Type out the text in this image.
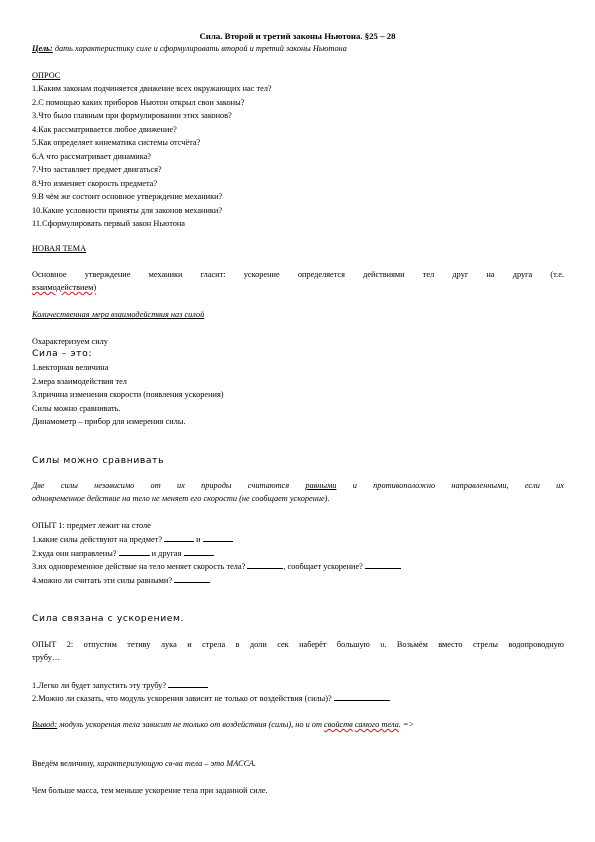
Сила. Второй и третий законы Ньютона. §25 – 28
Цель: дать характеристику силе и сформулировать второй и третий законы Ньютона
ОПРОС
1.Каким законам подчиняется движение всех окружающих нас тел?
2.С помощью каких приборов Ньютон открыл свои законы?
3.Что было главным при формулировании этих законов?
4.Как рассматривается любое движение?
5.Как определяет кинематика системы отсчёта?
6.А что рассматривает динамика?
7.Что заставляет предмет двигаться?
8.Что изменяет скорость предмета?
9.В чём же состоит основное утверждение механики?
10.Какие условности приняты для законов механики?
11.Сформулировать первый закон Ньютона
НОВАЯ ТЕМА
Основное утверждение механики гласит: ускорение определяется действиями тел друг на друга (т.е.
взаимодействием)
Количественная мера взаимодействия наз силой
Охарактеризуем силу
Сила – это:
1.векторная величина
2.мера взаимодействия тел
3.причина изменения скорости (появления ускорения)
Силы можно сравнивать.
Динамометр – прибор для измерения силы.
Силы можно сравнивать
Две силы независимо от их природы считаются равными и противоположно направленными, если их
одновременное действие на тело не меняет его скорости (не сообщает ускорение).
ОПЫТ 1: предмет лежит на столе
1.какие силы действуют на предмет?	и
2.куда они направлены?	и другая
3.их одновременное действие на тело меняет скорость тела?	, сообщает ускорение?
4.можно ли считать эти силы равными?
Сила связана с ускорением.
ОПЫТ 2: отпустим тетиву лука и стрела в доли сек наберёт большую υ. Возьмём вместо стрелы водопроводную
трубу…
1.Легко ли будет запустить эту трубу?
2.Можно ли сказать, что модуль ускорения зависит не только от воздействия (силы)?
Вывод: модуль ускорения тела зависит не только от воздействия (силы), но и от свойств самого тела. =>
Введём величину, характеризующую св-ва тела – это МАССА.
Чем больше масса, тем меньше ускорение тела при заданной силе.
